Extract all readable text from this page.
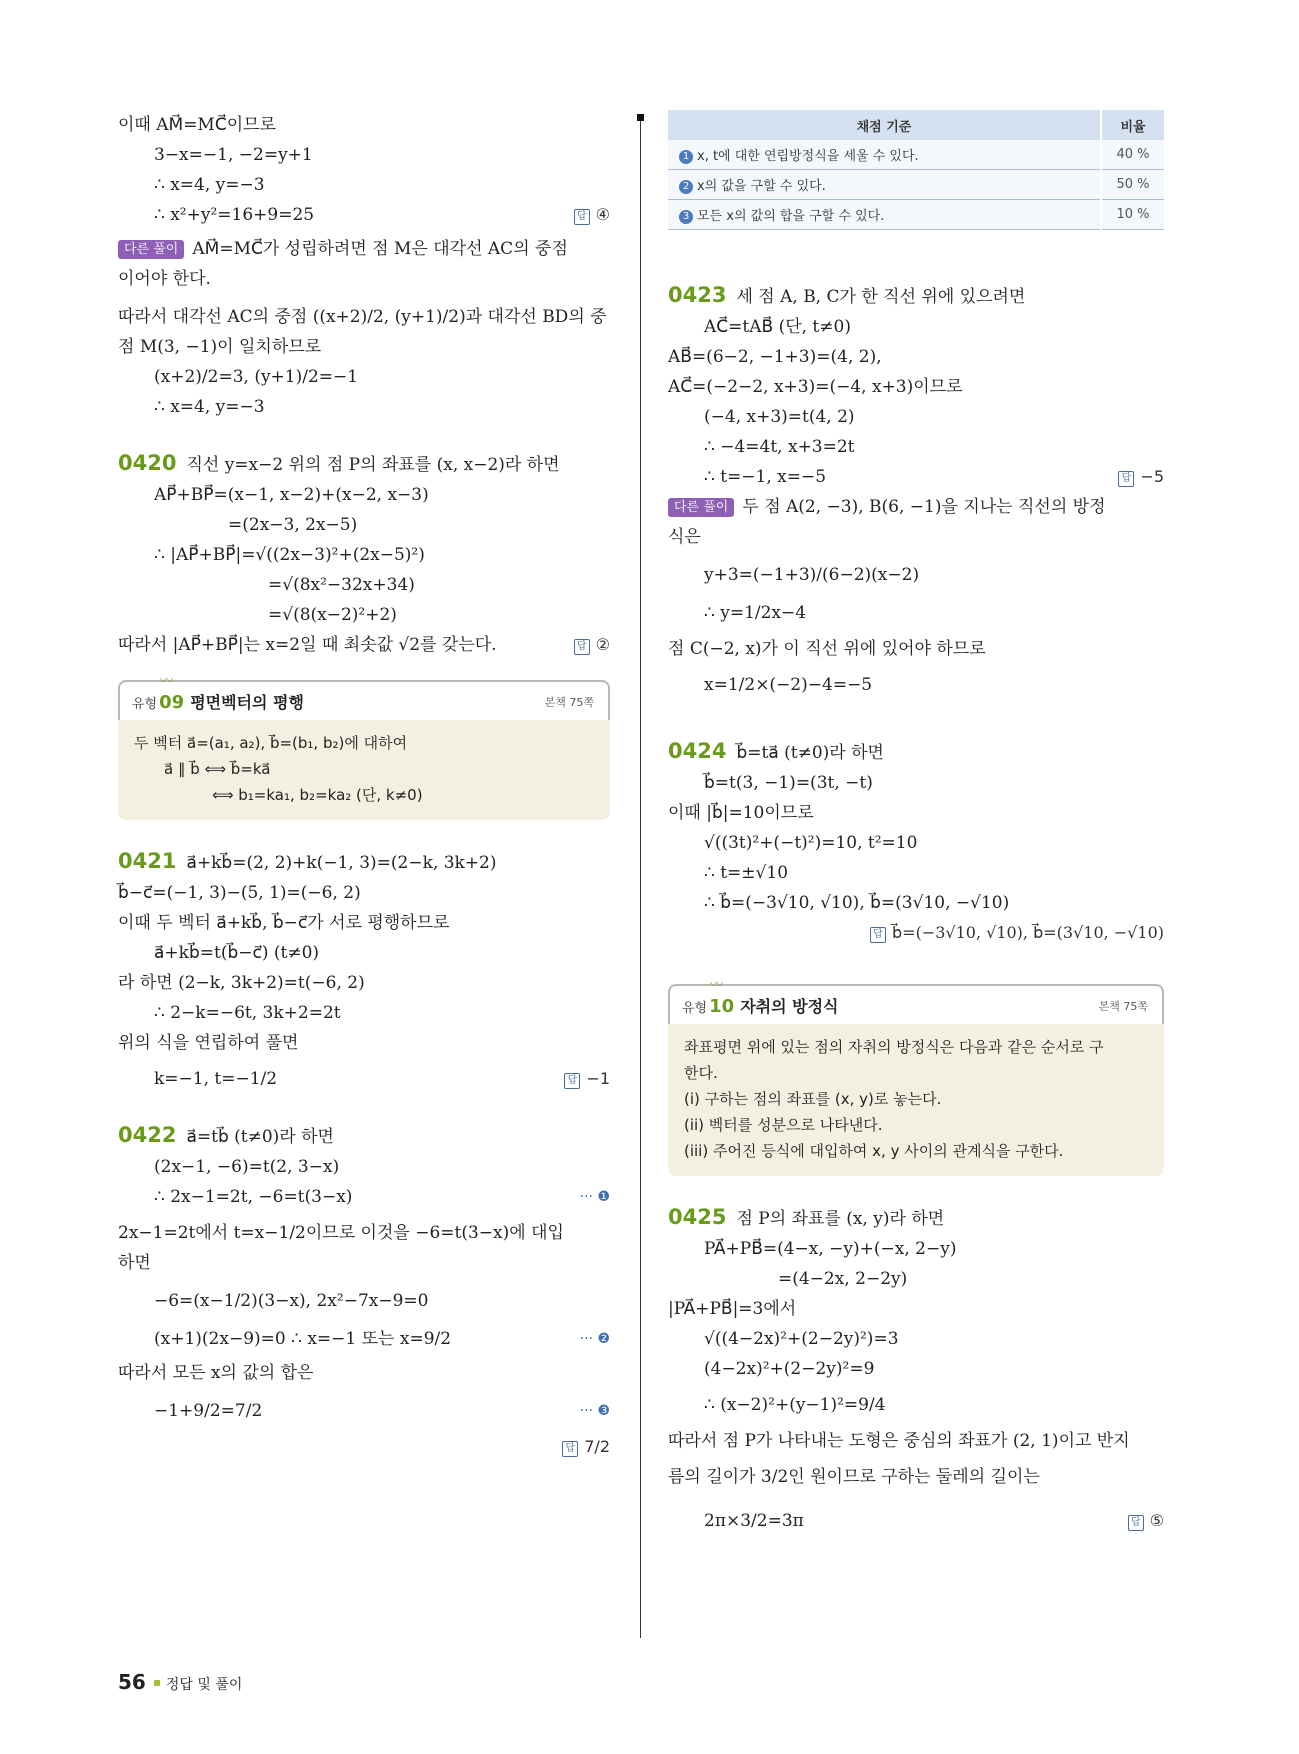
이때 AM⃗=MC⃗이므로
3−x=−1, −2=y+1
∴ x=4, y=−3
∴ x²+y²=16+9=25	답 ④
다른 풀이 AM⃗=MC⃗가 성립하려면 점 M은 대각선 AC의 중점
이어야 한다.
따라서 대각선 AC의 중점 ((x+2)/2, (y+1)/2)과 대각선 BD의 중
점 M(3, −1)이 일치하므로
(x+2)/2=3, (y+1)/2=−1
∴ x=4, y=−3
0420 직선 y=x−2 위의 점 P의 좌표를 (x, x−2)라 하면
AP⃗+BP⃗=(x−1, x−2)+(x−2, x−3)
=(2x−3, 2x−5)
∴ |AP⃗+BP⃗|=√((2x−3)²+(2x−5)²)
=√(8x²−32x+34)
=√(8(x−2)²+2)
따라서 |AP⃗+BP⃗|는 x=2일 때 최솟값 √2를 갖는다.	답 ②
〰
유형 09 평면벡터의 평행	본책 75쪽
두 벡터 a⃗=(a₁, a₂), b⃗=(b₁, b₂)에 대하여
a⃗ ∥ b⃗ ⟺ b⃗=ka⃗
⟺ b₁=ka₁, b₂=ka₂ (단, k≠0)
0421 a⃗+kb⃗=(2, 2)+k(−1, 3)=(2−k, 3k+2)
b⃗−c⃗=(−1, 3)−(5, 1)=(−6, 2)
이때 두 벡터 a⃗+kb⃗, b⃗−c⃗가 서로 평행하므로
a⃗+kb⃗=t(b⃗−c⃗) (t≠0)
라 하면 (2−k, 3k+2)=t(−6, 2)
∴ 2−k=−6t, 3k+2=2t
위의 식을 연립하여 풀면
k=−1, t=−1/2	답 −1
0422 a⃗=tb⃗ (t≠0)라 하면
(2x−1, −6)=t(2, 3−x)
∴ 2x−1=2t, −6=t(3−x)	··· ❶
2x−1=2t에서 t=x−1/2이므로 이것을 −6=t(3−x)에 대입
하면
−6=(x−1/2)(3−x), 2x²−7x−9=0
(x+1)(2x−9)=0 ∴ x=−1 또는 x=9/2	··· ❷
따라서 모든 x의 값의 합은
−1+9/2=7/2	··· ❸
답 7/2
채점 기준	비율
1 x, t에 대한 연립방정식을 세울 수 있다.	40 %
2 x의 값을 구할 수 있다.	50 %
3 모든 x의 값의 합을 구할 수 있다.	10 %
0423 세 점 A, B, C가 한 직선 위에 있으려면
AC⃗=tAB⃗ (단, t≠0)
AB⃗=(6−2, −1+3)=(4, 2),
AC⃗=(−2−2, x+3)=(−4, x+3)이므로
(−4, x+3)=t(4, 2)
∴ −4=4t, x+3=2t
∴ t=−1, x=−5	답 −5
다른 풀이 두 점 A(2, −3), B(6, −1)을 지나는 직선의 방정
식은
y+3=(−1+3)/(6−2)(x−2)
∴ y=1/2x−4
점 C(−2, x)가 이 직선 위에 있어야 하므로
x=1/2×(−2)−4=−5
0424 b⃗=ta⃗ (t≠0)라 하면
b⃗=t(3, −1)=(3t, −t)
이때 |b⃗|=10이므로
√((3t)²+(−t)²)=10, t²=10
∴ t=±√10
∴ b⃗=(−3√10, √10), b⃗=(3√10, −√10)
답 b⃗=(−3√10, √10), b⃗=(3√10, −√10)
〰
유형 10 자취의 방정식	본책 75쪽
좌표평면 위에 있는 점의 자취의 방정식은 다음과 같은 순서로 구
한다.
(i) 구하는 점의 좌표를 (x, y)로 놓는다.
(ii) 벡터를 성분으로 나타낸다.
(iii) 주어진 등식에 대입하여 x, y 사이의 관계식을 구한다.
0425 점 P의 좌표를 (x, y)라 하면
PA⃗+PB⃗=(4−x, −y)+(−x, 2−y)
=(4−2x, 2−2y)
|PA⃗+PB⃗|=3에서
√((4−2x)²+(2−2y)²)=3
(4−2x)²+(2−2y)²=9
∴ (x−2)²+(y−1)²=9/4
따라서 점 P가 나타내는 도형은 중심의 좌표가 (2, 1)이고 반지
름의 길이가 3/2인 원이므로 구하는 둘레의 길이는
2π×3/2=3π	답 ⑤
56 정답 및 풀이
